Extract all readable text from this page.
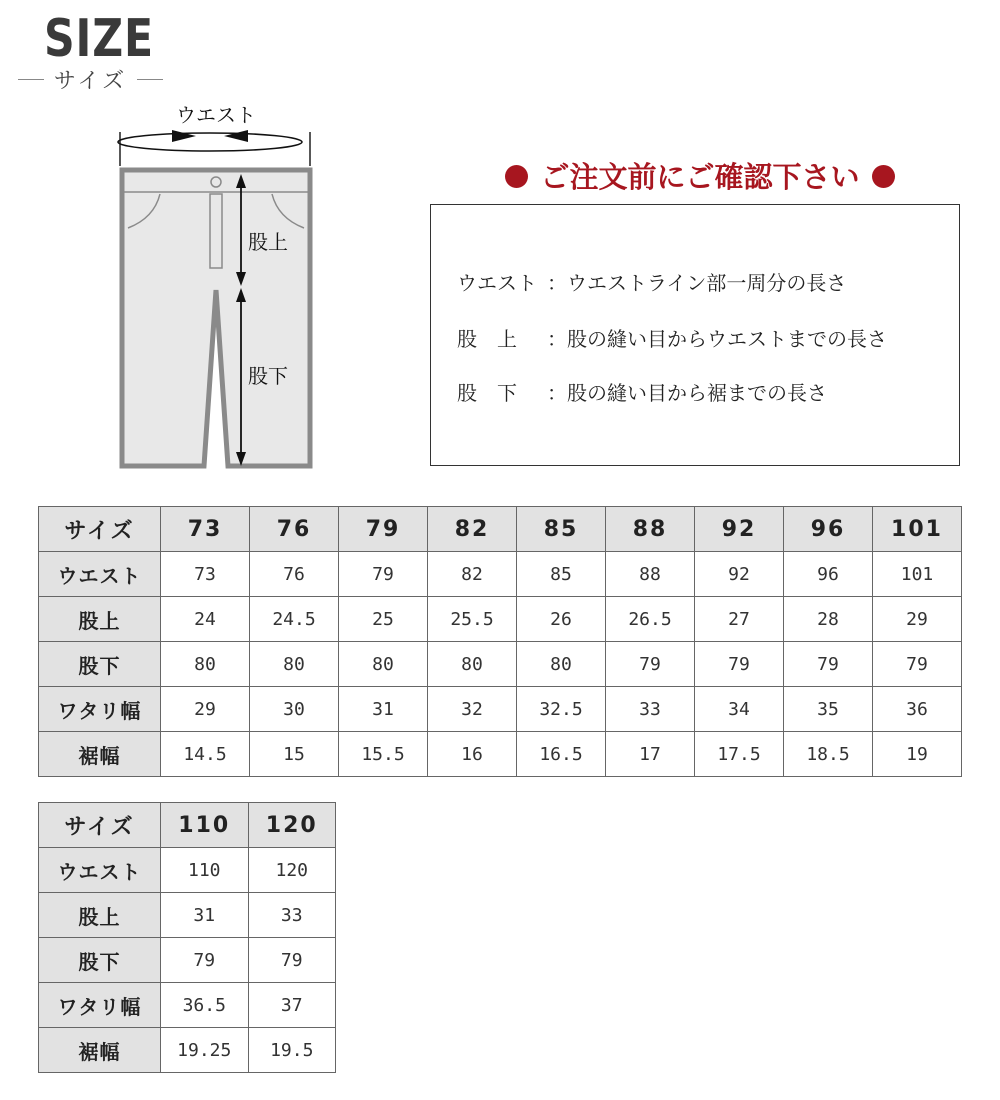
SIZE
サイズ
ウエスト
股上
股下
ご注文前にご確認下さい
ウエスト ：ウエストライン部一周分の長さ
股　上	：股の縫い目からウエストまでの長さ
股　下	：股の縫い目から裾までの長さ
サイズ	73	76	79	82	85	88	92	96	101
ウエスト	73	76	79	82	85	88	92	96	101
股上	24	24.5	25	25.5	26	26.5	27	28	29
股下	80	80	80	80	80	79	79	79	79
ワタリ幅	29	30	31	32	32.5	33	34	35	36
裾幅	14.5	15	15.5	16	16.5	17	17.5	18.5	19
サイズ	110	120
ウエスト	110	120
股上	31	33
股下	79	79
ワタリ幅	36.5	37
裾幅	19.25	19.5
